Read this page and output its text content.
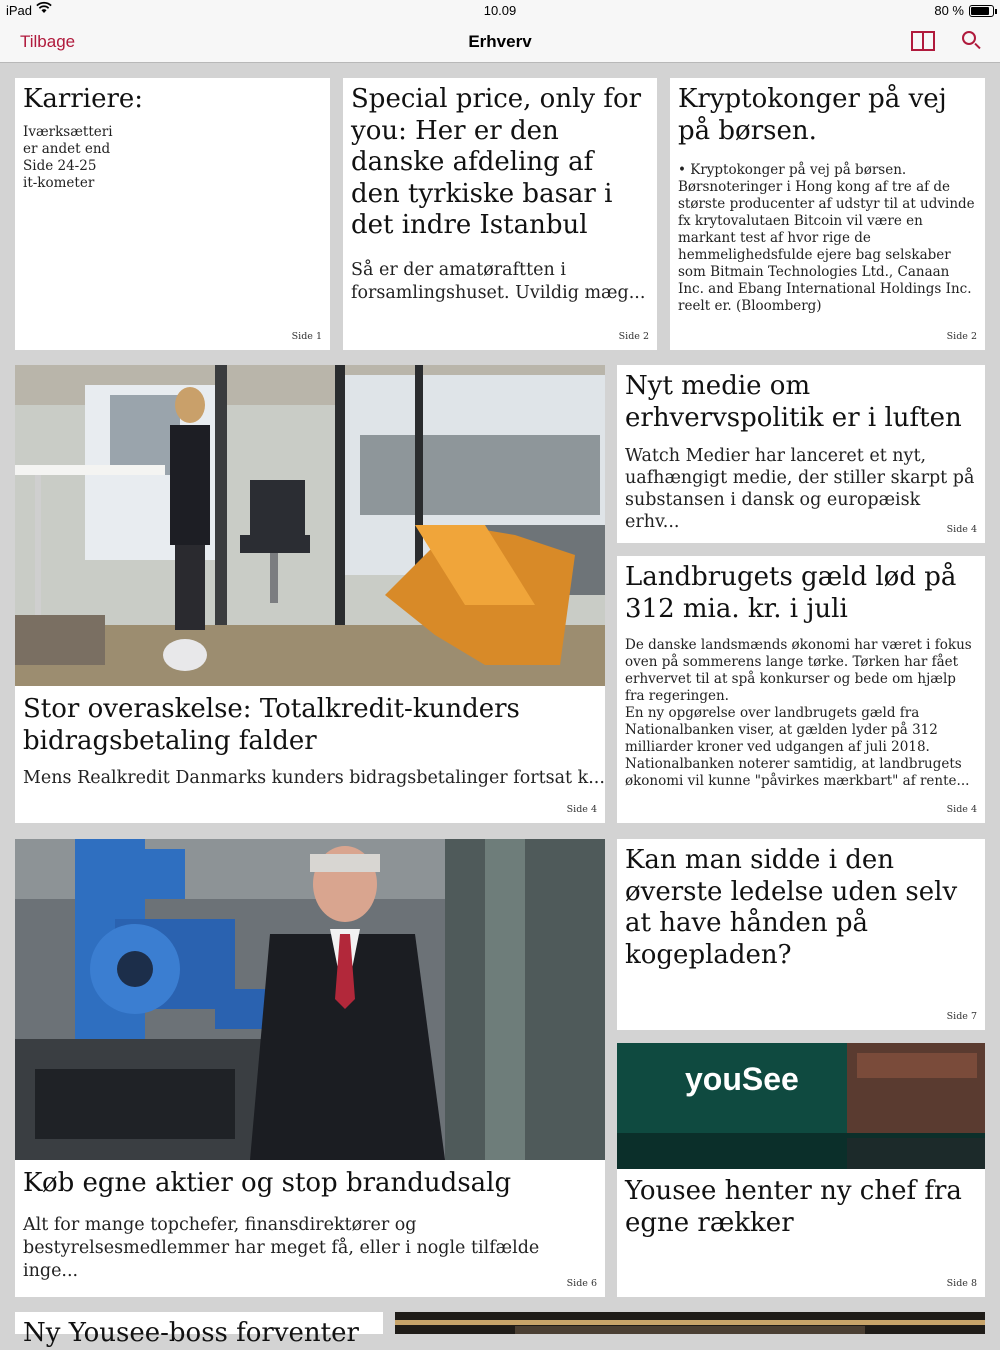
iPad	10.09	80 %
Tilbage	Erhverv
Karriere:
Iværksætteri
er andet end
Side 24-25
it-kometer
Side 1
Special price, only for you: Her er den danske afdeling af den tyrkiske basar i det indre Istanbul
Så er der amatøraftten i forsamlingshuset. Uvildig mæg...
Side 2
Kryptokonger på vej på børsen.
• Kryptokonger på vej på børsen. Børsnoteringer i Hong kong af tre af de største producenter af udstyr til at udvinde fx krytovalutaen Bitcoin vil være en markant test af hvor rige de hemmelighedsfulde ejere bag selskaber som Bitmain Technologies Ltd., Canaan Inc. and Ebang International Holdings Inc. reelt er. (Bloomberg)
Side 2
Stor overaskelse: Totalkredit-kunders bidragsbetaling falder
Mens Realkredit Danmarks kunders bidragsbetalinger fortsat k...
Side 4
Nyt medie om erhvervspolitik er i luften
Watch Medier har lanceret et nyt, uafhængigt medie, der stiller skarpt på substansen i dansk og europæisk erhv...	Side 4
Landbrugets gæld lød på 312 mia. kr. i juli
De danske landsmænds økonomi har været i fokus oven på sommerens lange tørke. Tørken har fået erhvervet til at spå konkurser og bede om hjælp fra regeringen.
En ny opgørelse over landbrugets gæld fra Nationalbanken viser, at gælden lyder på 312 milliarder kroner ved udgangen af juli 2018. Nationalbanken noterer samtidig, at landbrugets økonomi vil kunne "påvirkes mærkbart" af rente...
Side 4
Køb egne aktier og stop brandudsalg
Alt for mange topchefer, finansdirektører og bestyrelsesmedlemmer har meget få, eller i nogle tilfælde inge...
Side 6
Kan man sidde i den øverste ledelse uden selv at have hånden på kogepladen?
Side 7
youSee
Yousee henter ny chef fra egne rækker
Side 8
Ny Yousee-boss forventer
